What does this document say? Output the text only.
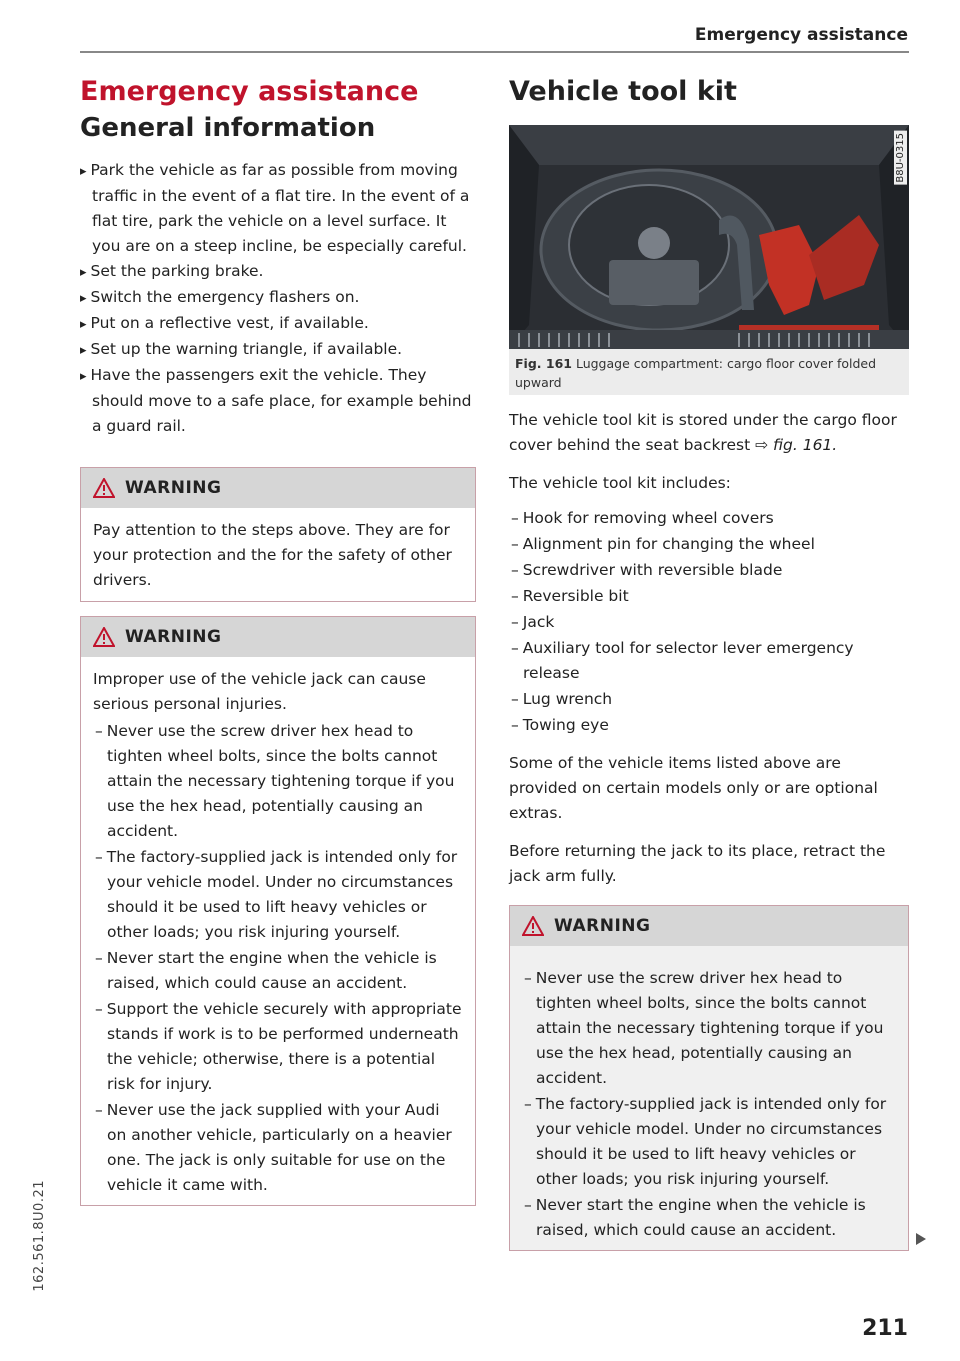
Emergency assistance
Emergency assistance
General information
▸ Park the vehicle as far as possible from moving traffic in the event of a flat tire. In the event of a flat tire, park the vehicle on a level surface. It you are on a steep incline, be especially careful.
▸ Set the parking brake.
▸ Switch the emergency flashers on.
▸ Put on a reflective vest, if available.
▸ Set up the warning triangle, if available.
▸ Have the passengers exit the vehicle. They should move to a safe place, for example behind a guard rail.
WARNING

Pay attention to the steps above. They are for your protection and the for the safety of other drivers.

WARNING

Improper use of the vehicle jack can cause serious personal injuries.

– Never use the screw driver hex head to tighten wheel bolts, since the bolts cannot attain the necessary tightening torque if you use the hex head, potentially causing an accident.
– The factory-supplied jack is intended only for your vehicle model. Under no circumstances should it be used to lift heavy vehicles or other loads; you risk injuring yourself.
– Never start the engine when the vehicle is raised, which could cause an accident.
– Support the vehicle securely with appropriate stands if work is to be performed underneath the vehicle; otherwise, there is a potential risk for injury.
– Never use the jack supplied with your Audi on another vehicle, particularly on a heavier one. The jack is only suitable for use on the vehicle it came with.
Vehicle tool kit
B8U-0315
Fig. 161 Luggage compartment: cargo floor cover folded upward

The vehicle tool kit is stored under the cargo floor cover behind the seat backrest ⇨ fig. 161.

The vehicle tool kit includes:

– Hook for removing wheel covers
– Alignment pin for changing the wheel
– Screwdriver with reversible blade
– Reversible bit
– Jack
– Auxiliary tool for selector lever emergency release
– Lug wrench
– Towing eye

Some of the vehicle items listed above are provided on certain models only or are optional extras.

Before returning the jack to its place, retract the jack arm fully.

WARNING
– Never use the screw driver hex head to tighten wheel bolts, since the bolts cannot attain the necessary tightening torque if you use the hex head, potentially causing an accident.
– The factory-supplied jack is intended only for your vehicle model. Under no circumstances should it be used to lift heavy vehicles or other loads; you risk injuring yourself.
– Never start the engine when the vehicle is raised, which could cause an accident.
211
162.561.8U0.21
